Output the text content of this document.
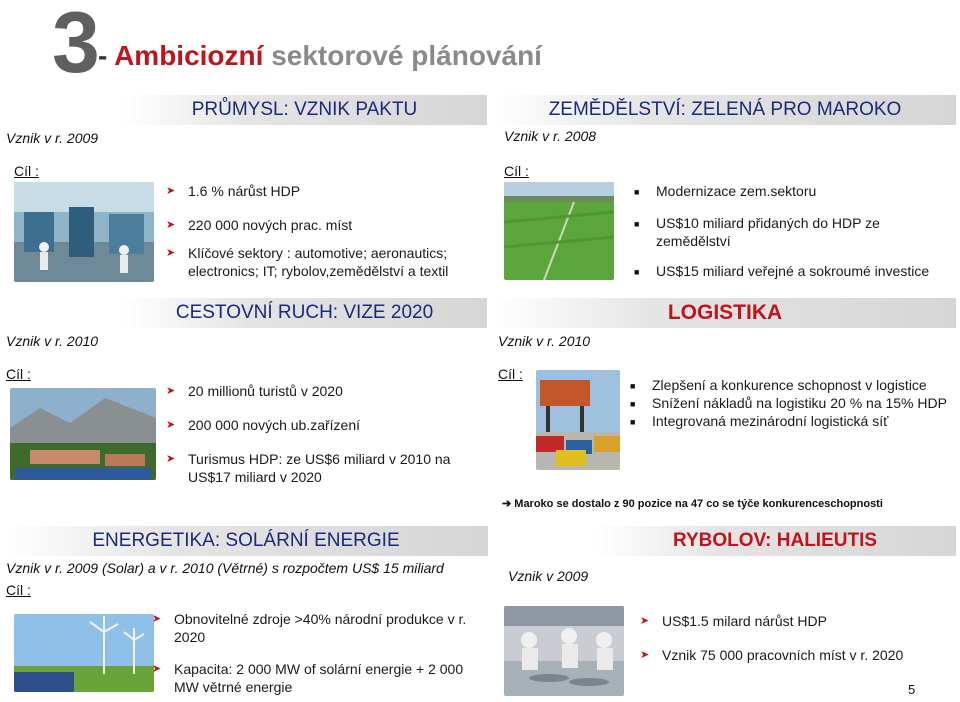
3 - Ambiciozní sektorové plánování
PRŮMYSL: VZNIK PAKTU
Vznik v r. 2009
Cíl :
➤ 1.6 % nárůst HDP
➤ 220 000 nových prac. míst
➤ Klíčové sektory : automotive; aeronautics; electronics; IT; rybolov,zemědělství a textil
ZEMĚDĚLSTVÍ: ZELENÁ PRO MAROKO
Vznik v r. 2008
Cíl :
■ Modernizace zem.sektoru
■ US$10 miliard přidaných do HDP ze zemědělství
■ US$15 miliard veřejné a sokroumé investice
CESTOVNÍ RUCH: VIZE 2020
Vznik v r. 2010
Cíl :
➤ 20 millionů turistů v 2020
➤ 200 000 nových ub.zařízení
➤ Turismus HDP: ze US$6 miliard v 2010 na US$17 miliard v 2020
LOGISTIKA
Vznik v r. 2010
Cíl :
■ Zlepšení a konkurence schopnost v logistice
■ Snížení nákladů na logistiku 20 % na 15% HDP
■ Integrovaná mezinárodní logistická síť
➔ Maroko se dostalo z 90 pozice na 47 co se týče konkurenceschopnosti
ENERGETIKA: SOLÁRNÍ ENERGIE
Vznik v r. 2009 (Solar) a v r. 2010 (Větrné) s rozpočtem US$ 15 miliard
Cíl :
➤ Obnovitelné zdroje >40% národní produkce v r. 2020
➤ Kapacita: 2 000 MW of solární energie + 2 000 MW větrné energie
RYBOLOV: HALIEUTIS
Vznik v 2009
➤ US$1.5 milard nárůst HDP
➤ Vznik 75 000 pracovních míst v r. 2020
5
